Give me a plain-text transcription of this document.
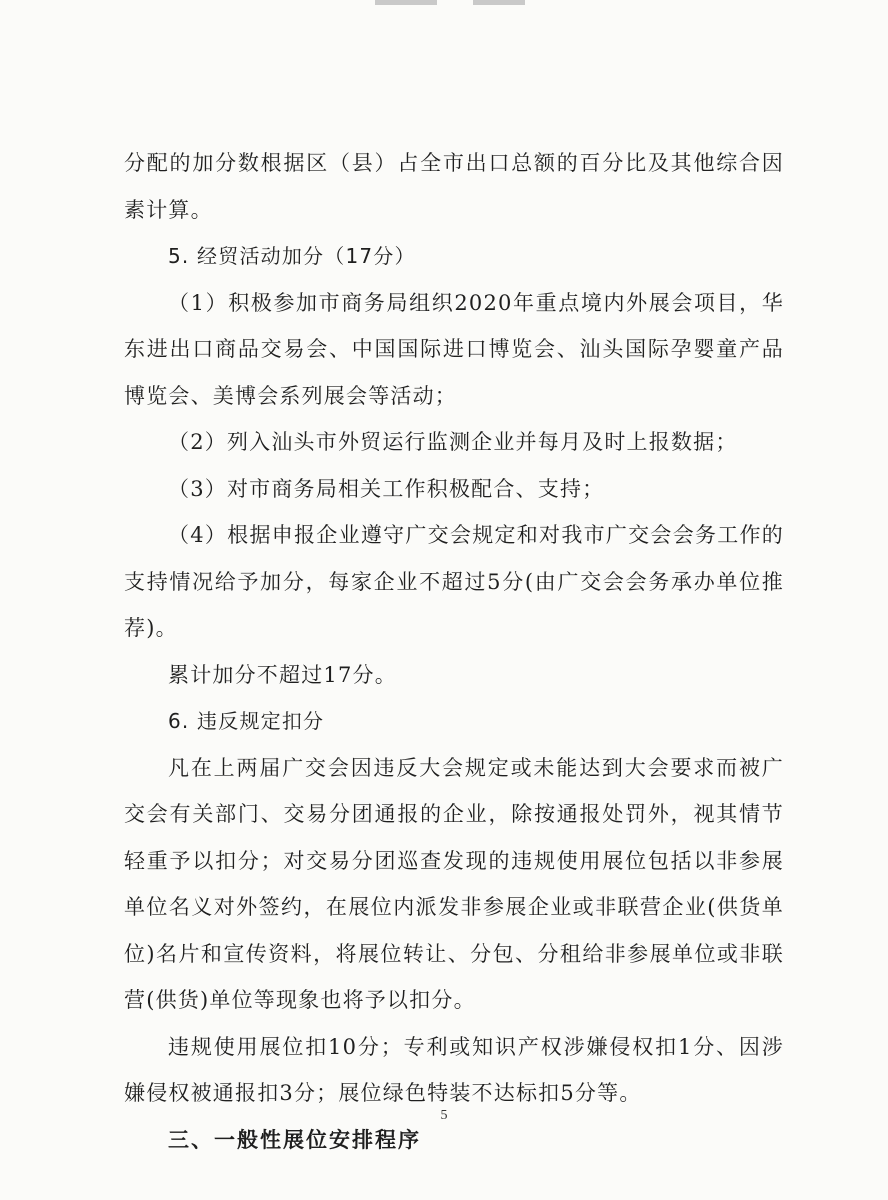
分配的加分数根据区（县）占全市出口总额的百分比及其他综合因素计算。

5. 经贸活动加分（17分）

（1）积极参加市商务局组织2020年重点境内外展会项目，华东进出口商品交易会、中国国际进口博览会、汕头国际孕婴童产品博览会、美博会系列展会等活动；

（2）列入汕头市外贸运行监测企业并每月及时上报数据；

（3）对市商务局相关工作积极配合、支持；

（4）根据申报企业遵守广交会规定和对我市广交会会务工作的支持情况给予加分，每家企业不超过5分(由广交会会务承办单位推荐)。

累计加分不超过17分。

6. 违反规定扣分

凡在上两届广交会因违反大会规定或未能达到大会要求而被广交会有关部门、交易分团通报的企业，除按通报处罚外，视其情节轻重予以扣分；对交易分团巡查发现的违规使用展位包括以非参展单位名义对外签约，在展位内派发非参展企业或非联营企业(供货单位)名片和宣传资料，将展位转让、分包、分租给非参展单位或非联营(供货)单位等现象也将予以扣分。

违规使用展位扣10分；专利或知识产权涉嫌侵权扣1分、因涉嫌侵权被通报扣3分；展位绿色特装不达标扣5分等。

三、一般性展位安排程序

5
